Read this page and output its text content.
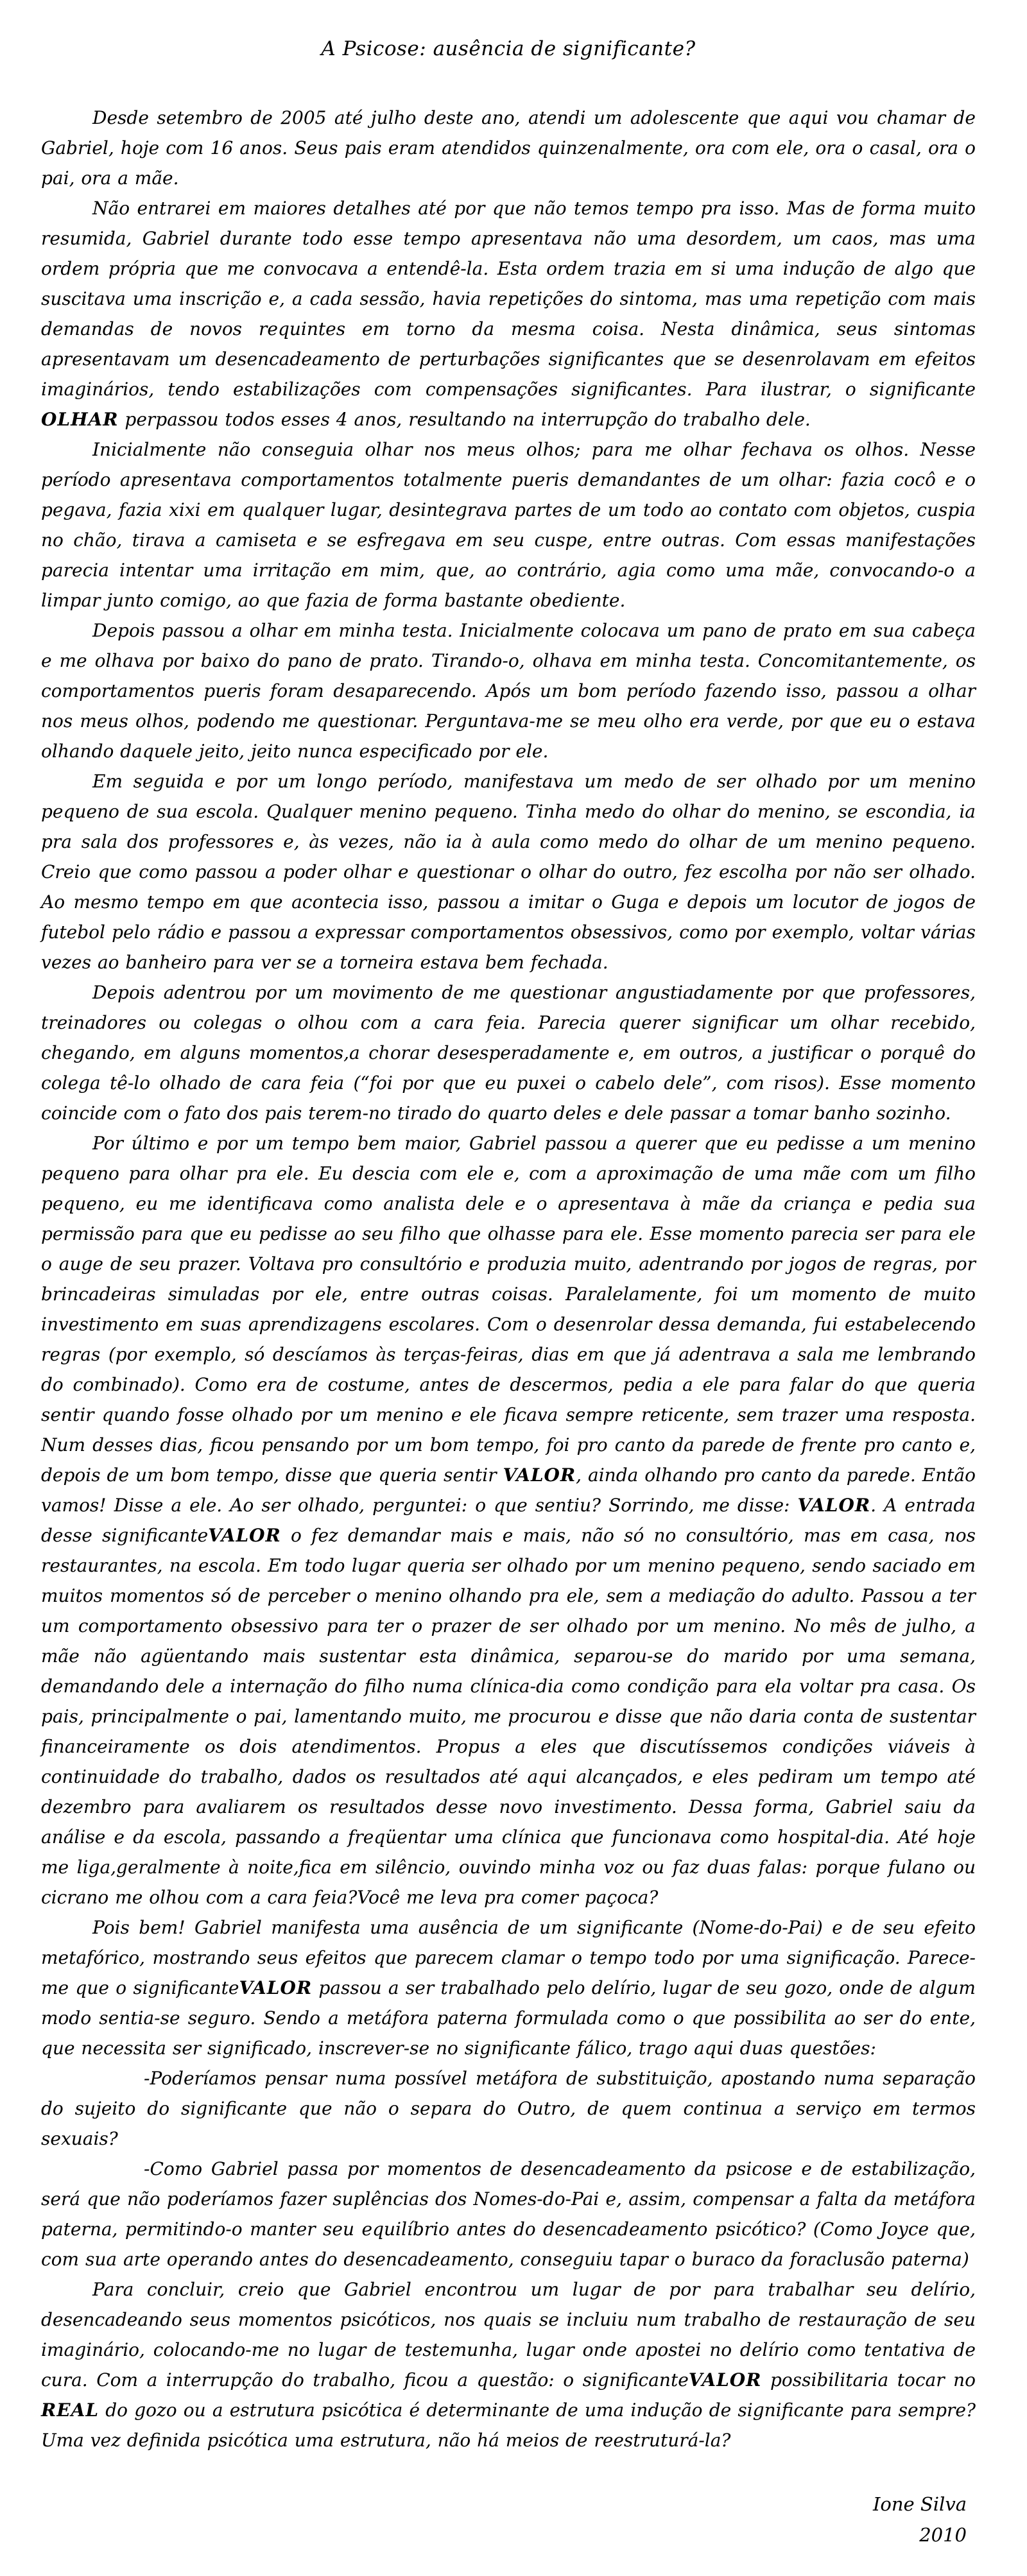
A Psicose: ausência de significante?

Desde setembro de 2005 até julho deste ano, atendi um adolescente que aqui vou chamar de Gabriel, hoje com 16 anos. Seus pais eram atendidos quinzenalmente, ora com ele, ora o casal, ora o pai, ora a mãe.

Não entrarei em maiores detalhes até por que não temos tempo pra isso. Mas de forma muito resumida, Gabriel durante todo esse tempo apresentava não uma desordem, um caos, mas uma ordem própria que me convocava a entendê-la. Esta ordem trazia em si uma indução de algo que suscitava uma inscrição e, a cada sessão, havia repetições do sintoma, mas uma repetição com mais demandas de novos requintes em torno da mesma coisa. Nesta dinâmica, seus sintomas apresentavam um desencadeamento de perturbações significantes que se desenrolavam em efeitos imaginários, tendo estabilizações com compensações significantes. Para ilustrar, o significante OLHAR perpassou todos esses 4 anos, resultando na interrupção do trabalho dele.

Inicialmente não conseguia olhar nos meus olhos; para me olhar fechava os olhos. Nesse período apresentava comportamentos totalmente pueris demandantes de um olhar: fazia cocô e o pegava, fazia xixi em qualquer lugar, desintegrava partes de um todo ao contato com objetos, cuspia no chão, tirava a camiseta e se esfregava em seu cuspe, entre outras. Com essas manifestações parecia intentar uma irritação em mim, que, ao contrário, agia como uma mãe, convocando-o a limpar junto comigo, ao que fazia de forma bastante obediente.

Depois passou a olhar em minha testa. Inicialmente colocava um pano de prato em sua cabeça e me olhava por baixo do pano de prato. Tirando-o, olhava em minha testa. Concomitantemente, os comportamentos pueris foram desaparecendo. Após um bom período fazendo isso, passou a olhar nos meus olhos, podendo me questionar. Perguntava-me se meu olho era verde, por que eu o estava olhando daquele jeito, jeito nunca especificado por ele.

Em seguida e por um longo período, manifestava um medo de ser olhado por um menino pequeno de sua escola. Qualquer menino pequeno. Tinha medo do olhar do menino, se escondia, ia pra sala dos professores e, às vezes, não ia à aula como medo do olhar de um menino pequeno. Creio que como passou a poder olhar e questionar o olhar do outro, fez escolha por não ser olhado. Ao mesmo tempo em que acontecia isso, passou a imitar o Guga e depois um locutor de jogos de futebol pelo rádio e passou a expressar comportamentos obsessivos, como por exemplo, voltar várias vezes ao banheiro para ver se a torneira estava bem fechada.

Depois adentrou por um movimento de me questionar angustiadamente por que professores, treinadores ou colegas o olhou com a cara feia. Parecia querer significar um olhar recebido, chegando, em alguns momentos,a chorar desesperadamente e, em outros, a justificar o porquê do colega tê-lo olhado de cara feia (“foi por que eu puxei o cabelo dele”, com risos). Esse momento coincide com o fato dos pais terem-no tirado do quarto deles e dele passar a tomar banho sozinho.

Por último e por um tempo bem maior, Gabriel passou a querer que eu pedisse a um menino pequeno para olhar pra ele. Eu descia com ele e, com a aproximação de uma mãe com um filho pequeno, eu me identificava como analista dele e o apresentava à mãe da criança e pedia sua permissão para que eu pedisse ao seu filho que olhasse para ele. Esse momento parecia ser para ele o auge de seu prazer. Voltava pro consultório e produzia muito, adentrando por jogos de regras, por brincadeiras simuladas por ele, entre outras coisas. Paralelamente, foi um momento de muito investimento em suas aprendizagens escolares. Com o desenrolar dessa demanda, fui estabelecendo regras (por exemplo, só descíamos às terças-feiras, dias em que já adentrava a sala me lembrando do combinado). Como era de costume, antes de descermos, pedia a ele para falar do que queria sentir quando fosse olhado por um menino e ele ficava sempre reticente, sem trazer uma resposta. Num desses dias, ficou pensando por um bom tempo, foi pro canto da parede de frente pro canto e, depois de um bom tempo, disse que queria sentir VALOR, ainda olhando pro canto da parede. Então vamos! Disse a ele. Ao ser olhado, perguntei: o que sentiu? Sorrindo, me disse: VALOR. A entrada desse significanteVALOR o fez demandar mais e mais, não só no consultório, mas em casa, nos restaurantes, na escola. Em todo lugar queria ser olhado por um menino pequeno, sendo saciado em muitos momentos só de perceber o menino olhando pra ele, sem a mediação do adulto. Passou a ter um comportamento obsessivo para ter o prazer de ser olhado por um menino. No mês de julho, a mãe não agüentando mais sustentar esta dinâmica, separou-se do marido por uma semana, demandando dele a internação do filho numa clínica-dia como condição para ela voltar pra casa. Os pais, principalmente o pai, lamentando muito, me procurou e disse que não daria conta de sustentar financeiramente os dois atendimentos. Propus a eles que discutíssemos condições viáveis à continuidade do trabalho, dados os resultados até aqui alcançados, e eles pediram um tempo até dezembro para avaliarem os resultados desse novo investimento. Dessa forma, Gabriel saiu da análise e da escola, passando a freqüentar uma clínica que funcionava como hospital-dia. Até hoje me liga,geralmente à noite,fica em silêncio, ouvindo minha voz ou faz duas falas: porque fulano ou cicrano me olhou com a cara feia?Você me leva pra comer paçoca?

Pois bem! Gabriel manifesta uma ausência de um significante (Nome-do-Pai) e de seu efeito metafórico, mostrando seus efeitos que parecem clamar o tempo todo por uma significação. Parece-me que o significanteVALOR passou a ser trabalhado pelo delírio, lugar de seu gozo, onde de algum modo sentia-se seguro. Sendo a metáfora paterna formulada como o que possibilita ao ser do ente, que necessita ser significado, inscrever-se no significante fálico, trago aqui duas questões:

-Poderíamos pensar numa possível metáfora de substituição, apostando numa separação do sujeito do significante que não o separa do Outro, de quem continua a serviço em termos sexuais?

-Como Gabriel passa por momentos de desencadeamento da psicose e de estabilização, será que não poderíamos fazer suplências dos Nomes-do-Pai e, assim, compensar a falta da metáfora paterna, permitindo-o manter seu equilíbrio antes do desencadeamento psicótico? (Como Joyce que, com sua arte operando antes do desencadeamento, conseguiu tapar o buraco da foraclusão paterna)

Para concluir, creio que Gabriel encontrou um lugar de por para trabalhar seu delírio, desencadeando seus momentos psicóticos, nos quais se incluiu num trabalho de restauração de seu imaginário, colocando-me no lugar de testemunha, lugar onde apostei no delírio como tentativa de cura. Com a interrupção do trabalho, ficou a questão: o significanteVALOR possibilitaria tocar no REAL do gozo ou a estrutura psicótica é determinante de uma indução de significante para sempre? Uma vez definida psicótica uma estrutura, não há meios de reestruturá-la?

Ione Silva
2010
